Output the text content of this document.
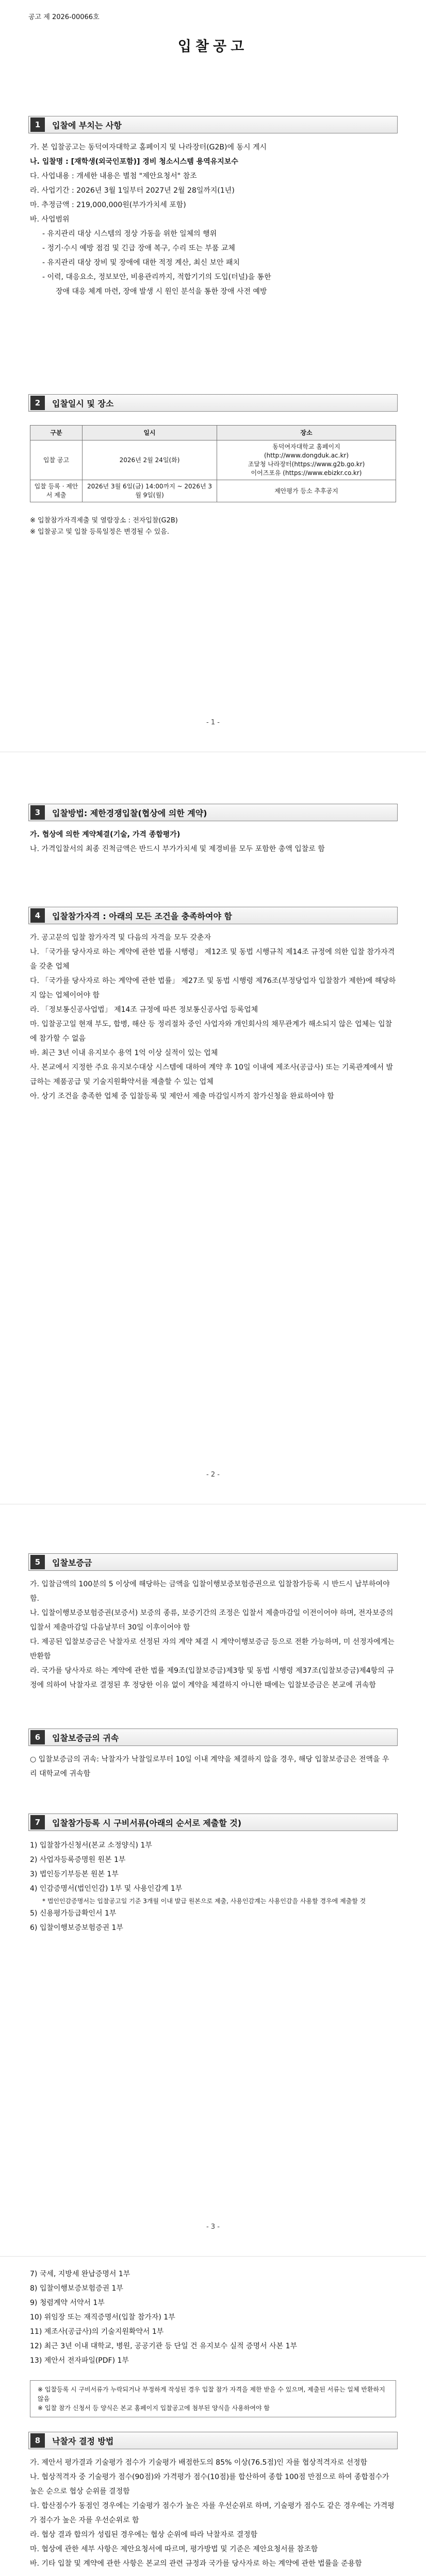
공고 제 2026-00066호
입찰공고
1	입찰에 부치는 사항

가. 본 입찰공고는 동덕여자대학교 홈페이지 및 나라장터(G2B)에 동시 게시

나. 입찰명 : [재학생(외국인포함)] 경비 청소시스템 용역유지보수

다. 사업내용 : 개세한 내용은 별첨 "제안요청서" 참조

라. 사업기간 : 2026년 3월 1일부터 2027년 2월 28일까지(1년)

마. 추정금액 : 219,000,000원(부가가치세 포함)

바. 사업범위

- 유지관리 대상 시스템의 정상 가동을 위한 일체의 행위

- 정기·수시 예방 점검 및 긴급 장애 복구, 수리 또는 부품 교체

- 유지관리 대상 장비 및 장애에 대한 적정 계산, 최신 보안 패치

- 이력, 대응요소, 정보보안, 비용관리까지, 적합기기의 도입(터널)을 통한

장애 대응 체계 마련, 장애 발생 시 원인 분석을 통한 장애 사전 예방

2	입찰일시 및 장소
구분	일시	장소
입찰 공고	2026년 2월 24일(화)	동덕여자대학교 홈페이지
(http://www.dongduk.ac.kr)
조달청 나라장터(https://www.g2b.go.kr)
이어즈포유 (https://www.ebizkr.co.kr)

입찰 등록 · 제안서 제출	2026년 3월 6일(금) 14:00까지 ~ 2026년 3월 9일(월)	제안평가 등소 추후공지

※ 입찰참가자격제출 및 열람장소 : 전자입찰(G2B)

※ 입찰공고 및 입찰 등록일정은 변경될 수 있음.

- 1 -
3	입찰방법: 제한경쟁입찰(협상에 의한 계약)

가. 협상에 의한 계약체결(기술, 가격 종합평가)

나. 가격입찰서의 최종 진척금액은 반드시 부가가치세 및 제경비를 모두 포함한 총액 입찰로 함

4	입찰참가자격 : 아래의 모든 조건을 충족하여야 함

가. 공고문의 입찰 참가자격 및 다음의 자격을 모두 갖춘자

나. 「국가를 당사자로 하는 계약에 관한 법률 시행령」 제12조 및 동법 시행규칙 제14조 규정에 의한 입찰 참가자격을 갖춘 업체

다. 「국가를 당사자로 하는 계약에 관한 법률」 제27조 및 동법 시행령 제76조(부정당업자 입찰참가 제한)에 해당하지 않는 업체이어야 함

라. 「정보통신공사업법」 제14조 규정에 따른 정보통신공사업 등록업체

마. 입찰공고일 현재 부도, 합병, 해산 등 정리절차 중인 사업자와 개인회사의 채무관계가 해소되지 않은 업체는 입찰에 참가할 수 없음

바. 최근 3년 이내 유지보수 용역 1억 이상 실적이 있는 업체

사. 본교에서 지정한 주요 유지보수대상 시스템에 대하여 계약 후 10일 이내에 제조사(공급사) 또는 기록관계에서 발급하는 제품공급 및 기술지원확약서를 제출할 수 있는 업체

아. 상기 조건을 충족한 업체 중 입찰등록 및 제안서 제출 마감일시까지 참가신청을 완료하여야 함

- 2 -
5	입찰보증금

가. 입찰금액의 100분의 5 이상에 해당하는 금액을 입찰이행보증보험증권으로 입찰참가등록 시 반드시 납부하여야 함.

나. 입찰이행보증보험증권(보증서) 보증의 종류, 보증기간의 조정은 입찰서 제출마감일 이전이어야 하며, 전자보증의 입찰서 제출마감일 다음날부터 30일 이후이어야 함

다. 제공된 입찰보증금은 낙찰자로 선정된 자의 계약 체결 시 계약이행보증금 등으로 전환 가능하며, 미 선정자에게는 반환함

라. 국가를 당사자로 하는 계약에 관한 법률 제9조(입찰보증금)제3항 및 동법 시행령 제37조(입찰보증금)제4항의 규정에 의하여 낙찰자로 결정된 후 정당한 이유 없이 계약을 체결하지 아니한 때에는 입찰보증금은 본교에 귀속함

6	입찰보증금의 귀속

○ 입찰보증금의 귀속: 낙찰자가 낙찰일로부터 10일 이내 계약을 체결하지 않을 경우, 해당 입찰보증금은 전액을 우리 대학교에 귀속함

7	입찰참가등록 시 구비서류(아래의 순서로 제출할 것)

1) 입찰참가신청서(본교 소정양식) 1부

2) 사업자등록증명원 원본 1부

3) 법인등기부등본 원본 1부

4) 인감증명서(법인인감) 1부 및 사용인감계 1부

* 법인인감증명서는 입찰공고일 기준 3개월 이내 발급 원본으로 제출, 사용인감계는 사용인감을 사용할 경우에 제출할 것

5) 신용평가등급확인서 1부

6) 입찰이행보증보험증권 1부

- 3 -

7) 국세, 지방세 완납증명서 1부

8) 입찰이행보증보험증권 1부

9) 청렴계약 서약서 1부

10) 위임장 또는 재직증명서(입찰 참가자) 1부

11) 제조사(공급사)의 기술지원확약서 1부

12) 최근 3년 이내 대학교, 병원, 공공기관 등 단일 건 유지보수 실적 증명서 사본 1부

13) 제안서 전자파일(PDF) 1부

※ 입찰등록 시 구비서류가 누락되거나 부정하게 작성된 경우 입찰 참가 자격을 제한 받을 수 있으며, 제출된 서류는 일체 반환하지 않음

※ 입찰 참가 신청서 등 양식은 본교 홈페이지 입찰공고에 첨부된 양식을 사용하여야 함

8	낙찰자 결정 방법

가. 제안서 평가결과 기술평가 점수가 기술평가 배점한도의 85% 이상(76.5점)인 자를 협상적격자로 선정함

나. 협상적격자 중 기술평가 점수(90점)와 가격평가 점수(10점)를 합산하여 종합 100점 만점으로 하여 종합점수가 높은 순으로 협상 순위를 결정함

다. 합산점수가 동점인 경우에는 기술평가 점수가 높은 자를 우선순위로 하며, 기술평가 점수도 같은 경우에는 가격평가 점수가 높은 자를 우선순위로 함

라. 협상 결과 합의가 성립된 경우에는 협상 순위에 따라 낙찰자로 결정함

마. 협상에 관한 세부 사항은 제안요청서에 따르며, 평가방법 및 기준은 제안요청서를 참조함

바. 기타 입찰 및 계약에 관한 사항은 본교의 관련 규정과 국가를 당사자로 하는 계약에 관한 법률을 준용함
